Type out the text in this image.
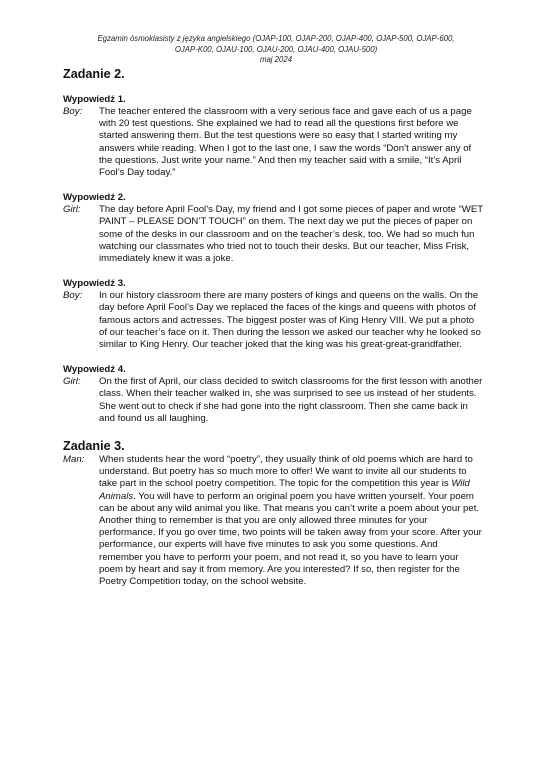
Egzamin ósmoklasisty z języka angielskiego (OJAP-100, OJAP-200, OJAP-400, OJAP-500, OJAP-600,
OJAP-K00, OJAU-100, OJAU-200, OJAU-400, OJAU-500)
maj 2024
Zadanie 2.
Wypowiedź 1.
Boy:	The teacher entered the classroom with a very serious face and gave each of us a page with 20 test questions. She explained we had to read all the questions first before we started answering them. But the test questions were so easy that I started writing my answers while reading. When I got to the last one, I saw the words “Don’t answer any of the questions. Just write your name.” And then my teacher said with a smile, “It’s April Fool’s Day today.”
Wypowiedź 2.
Girl:	The day before April Fool’s Day, my friend and I got some pieces of paper and wrote “WET PAINT – PLEASE DON’T TOUCH” on them. The next day we put the pieces of paper on some of the desks in our classroom and on the teacher’s desk, too. We had so much fun watching our classmates who tried not to touch their desks. But our teacher, Miss Frisk, immediately knew it was a joke.
Wypowiedź 3.
Boy:	In our history classroom there are many posters of kings and queens on the walls. On the day before April Fool’s Day we replaced the faces of the kings and queens with photos of famous actors and actresses. The biggest poster was of King Henry VIII. We put a photo of our teacher’s face on it. Then during the lesson we asked our teacher why he looked so similar to King Henry. Our teacher joked that the king was his great-great-grandfather.
Wypowiedź 4.
Girl:	On the first of April, our class decided to switch classrooms for the first lesson with another class. When their teacher walked in, she was surprised to see us instead of her students. She went out to check if she had gone into the right classroom. Then she came back in and found us all laughing.
Zadanie 3.
Man:	When students hear the word “poetry”, they usually think of old poems which are hard to understand. But poetry has so much more to offer! We want to invite all our students to take part in the school poetry competition. The topic for the competition this year is Wild Animals. You will have to perform an original poem you have written yourself. Your poem can be about any wild animal you like. That means you can’t write a poem about your pet. Another thing to remember is that you are only allowed three minutes for your performance. If you go over time, two points will be taken away from your score. After your performance, our experts will have five minutes to ask you some questions. And remember you have to perform your poem, and not read it, so you have to learn your poem by heart and say it from memory. Are you interested? If so, then register for the Poetry Competition today, on the school website.
